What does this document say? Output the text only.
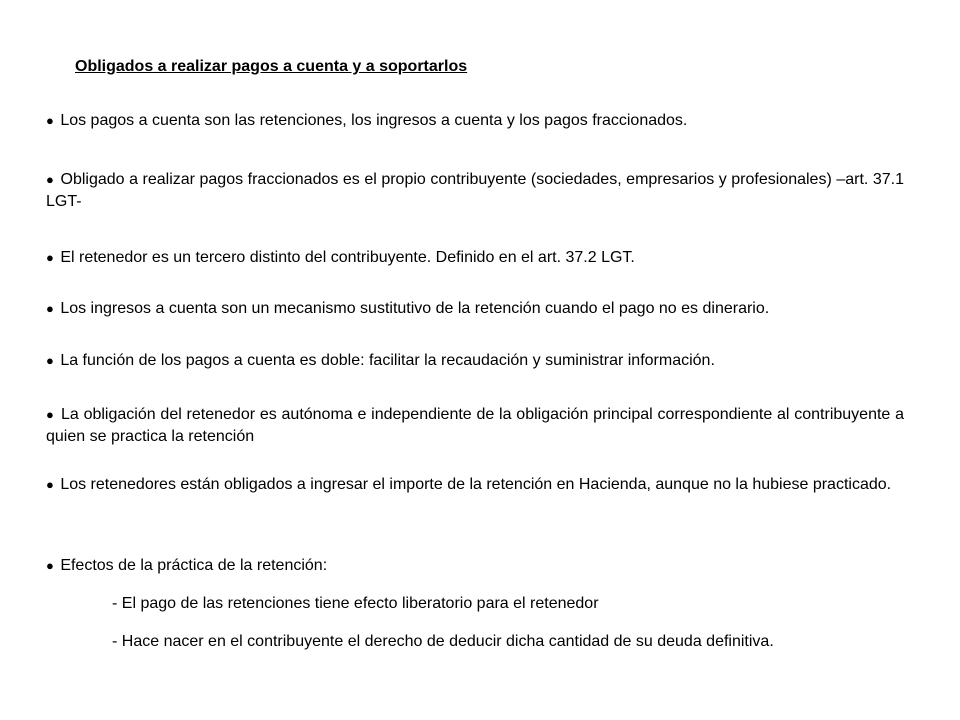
Obligados a realizar pagos a cuenta y a soportarlos
● Los pagos a cuenta son las retenciones, los ingresos a cuenta y los pagos fraccionados.
● Obligado a realizar pagos fraccionados es el propio contribuyente (sociedades, empresarios y profesionales) –art. 37.1 LGT-
● El retenedor es un tercero distinto del contribuyente. Definido en el art. 37.2 LGT.
● Los ingresos a cuenta son un mecanismo sustitutivo de la retención cuando el pago no es dinerario.
● La función de los pagos a cuenta es doble: facilitar la recaudación y suministrar información.
● La obligación del retenedor es autónoma e independiente de la obligación principal correspondiente al contribuyente a quien se practica la retención
● Los retenedores están obligados a ingresar el importe de la retención en Hacienda, aunque no la hubiese practicado.
● Efectos de la práctica de la retención:
- El pago de las retenciones tiene efecto liberatorio para el retenedor
- Hace nacer en el contribuyente el derecho de deducir dicha cantidad de su deuda definitiva.
